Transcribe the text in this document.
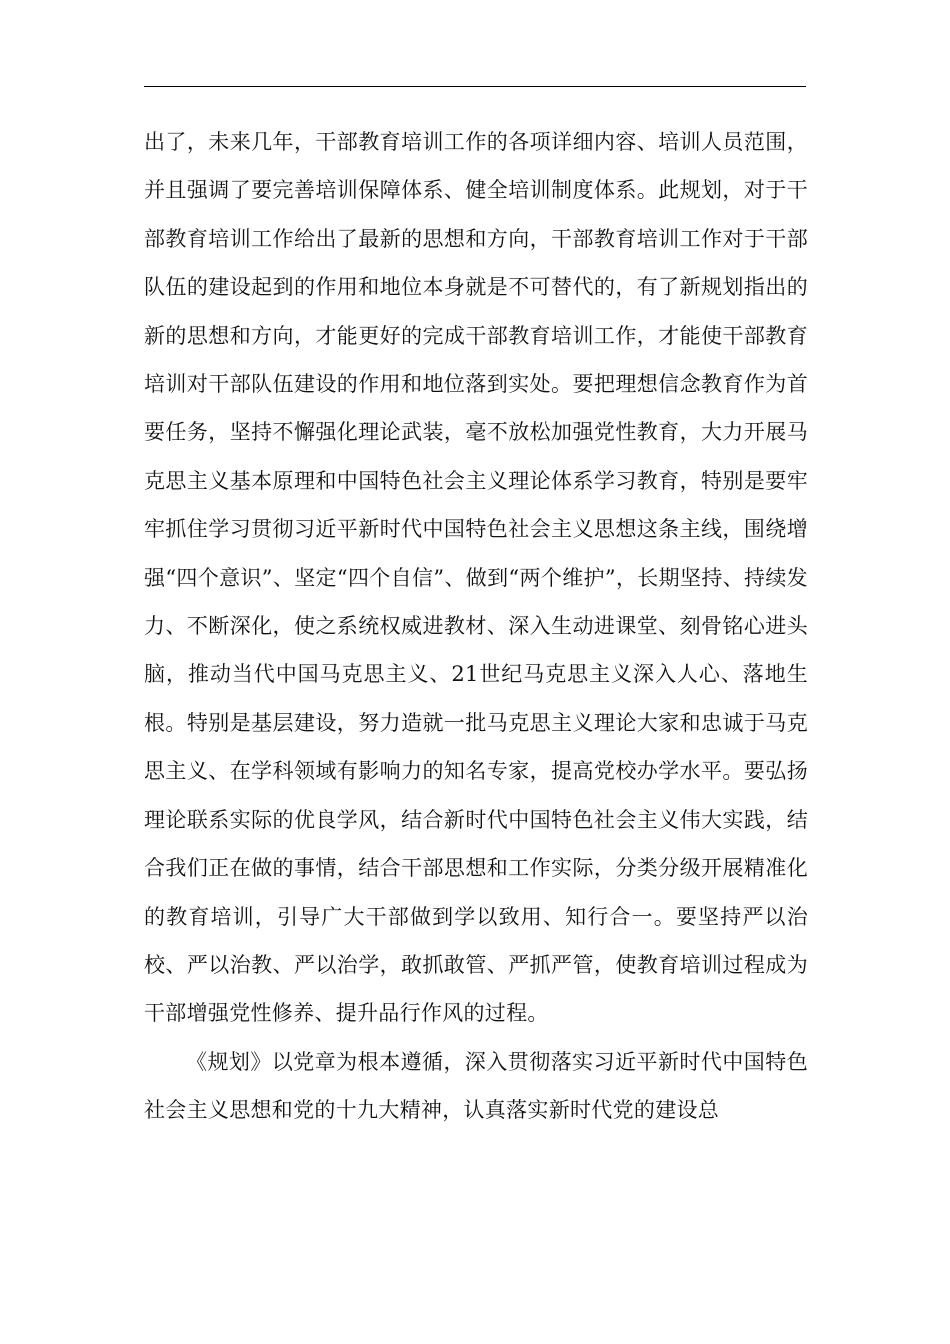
出了，未来几年，干部教育培训工作的各项详细内容、培训人员范围，并且强调了要完善培训保障体系、健全培训制度体系。此规划，对于干部教育培训工作给出了最新的思想和方向，干部教育培训工作对于干部队伍的建设起到的作用和地位本身就是不可替代的，有了新规划指出的新的思想和方向，才能更好的完成干部教育培训工作，才能使干部教育培训对干部队伍建设的作用和地位落到实处。要把理想信念教育作为首要任务，坚持不懈强化理论武装，毫不放松加强党性教育，大力开展马克思主义基本原理和中国特色社会主义理论体系学习教育，特别是要牢牢抓住学习贯彻习近平新时代中国特色社会主义思想这条主线，围绕增强“四个意识”、坚定“四个自信”、做到“两个维护”，长期坚持、持续发力、不断深化，使之系统权威进教材、深入生动进课堂、刻骨铭心进头脑，推动当代中国马克思主义、21世纪马克思主义深入人心、落地生根。特别是基层建设，努力造就一批马克思主义理论大家和忠诚于马克思主义、在学科领域有影响力的知名专家，提高党校办学水平。要弘扬理论联系实际的优良学风，结合新时代中国特色社会主义伟大实践，结合我们正在做的事情，结合干部思想和工作实际，分类分级开展精准化的教育培训，引导广大干部做到学以致用、知行合一。要坚持严以治校、严以治教、严以治学，敢抓敢管、严抓严管，使教育培训过程成为干部增强党性修养、提升品行作风的过程。

《规划》以党章为根本遵循，深入贯彻落实习近平新时代中国特色社会主义思想和党的十九大精神，认真落实新时代党的建设总
